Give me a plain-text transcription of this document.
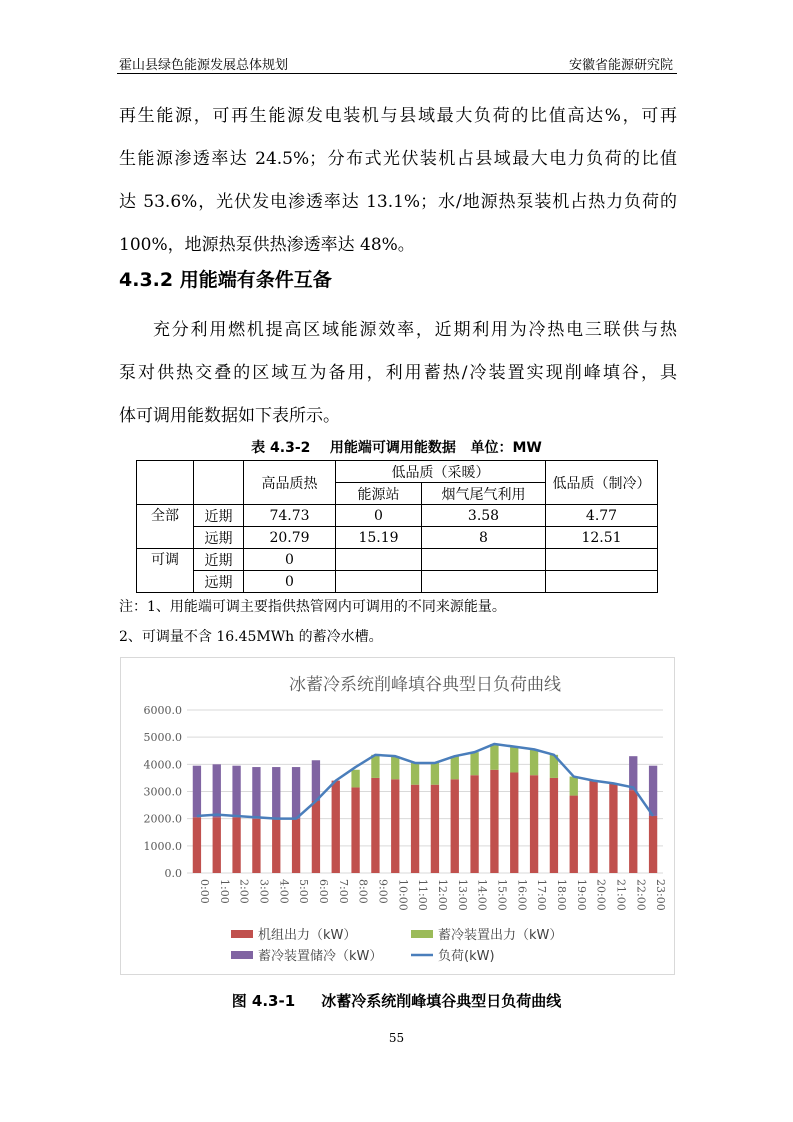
霍山县绿色能源发展总体规划	安徽省能源研究院
再生能源，可再生能源发电装机与县域最大负荷的比值高达%，可再
生能源渗透率达 24.5%；分布式光伏装机占县域最大电力负荷的比值
达 53.6%，光伏发电渗透率达 13.1%；水/地源热泵装机占热力负荷的
100%，地源热泵供热渗透率达 48%。
4.3.2 用能端有条件互备
充分利用燃机提高区域能源效率，近期利用为冷热电三联供与热
泵对供热交叠的区域互为备用，利用蓄热/冷装置实现削峰填谷，具
体可调用能数据如下表所示。
表 4.3-2    用能端可调用能数据   单位：MW
		高品质热	低品质（采暖）		低品质（制冷）
			能源站	烟气尾气利用	
全部	近期	74.73	0	3.58	4.77
	远期	20.79	15.19	8	12.51
可调	近期	0			
	远期	0			
注：1、用能端可调主要指供热管网内可调用的不同来源能量。
2、可调量不含 16.45MWh 的蓄冷水槽。
冰蓄冷系统削峰填谷典型日负荷曲线
0.0
1000.0
2000.0
3000.0
4000.0
5000.0
6000.0
0:00 1:00 2:00 3:00 4:00 5:00 6:00 7:00 8:00 9:00 10:00 11:00 12:00 13:00 14:00 15:00 16:00 17:00 18:00 19:00 20:00 21:00 22:00 23:00
机组出力（kW）	蓄冷装置出力（kW）
蓄冷装置储冷（kW）	负荷(kW)
图 4.3-1     冰蓄冷系统削峰填谷典型日负荷曲线
55
